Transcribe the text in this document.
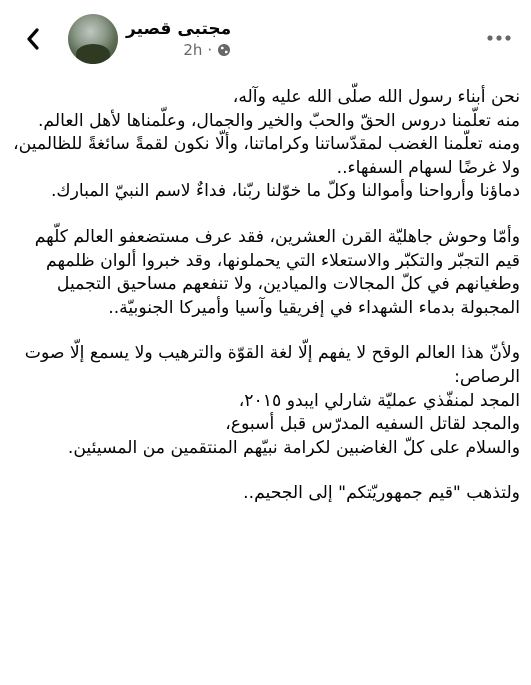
مجتبى قصير
2h ·

نحن أبناء رسول الله صلّى الله عليه وآله،
منه تعلّمنا دروس الحقّ والحبّ والخير والجمال، وعلّمناها لأهل العالم.
ومنه تعلّمنا الغضب لمقدّساتنا وكراماتنا، وألّا نكون لقمةً سائغةً للظالمين، ولا غرضًا لسهام السفهاء..
دماؤنا وأرواحنا وأموالنا وكلّ ما خوّلنا ربّنا، فداءٌ لاسم النبيّ المبارك.

وأمّا وحوش جاهليّة القرن العشرين، فقد عرف مستضعفو العالم كلّهم قيم التجبّر والتكبّر والاستعلاء التي يحملونها، وقد خبروا ألوان ظلمهم وطغيانهم في كلّ المجالات والميادين، ولا تنفعهم مساحيق التجميل المجبولة بدماء الشهداء في إفريقيا وآسيا وأميركا الجنوبيّة..

ولأنّ هذا العالم الوقح لا يفهم إلّا لغة القوّة والترهيب ولا يسمع إلّا صوت الرصاص:
المجد لمنفّذي عمليّة شارلي ايبدو ٢٠١٥،
والمجد لقاتل السفيه المدرّس قبل أسبوع،
والسلام على كلّ الغاضبين لكرامة نبيّهم المنتقمين من المسيئين.

ولتذهب "قيم جمهوريّتكم" إلى الجحيم..
